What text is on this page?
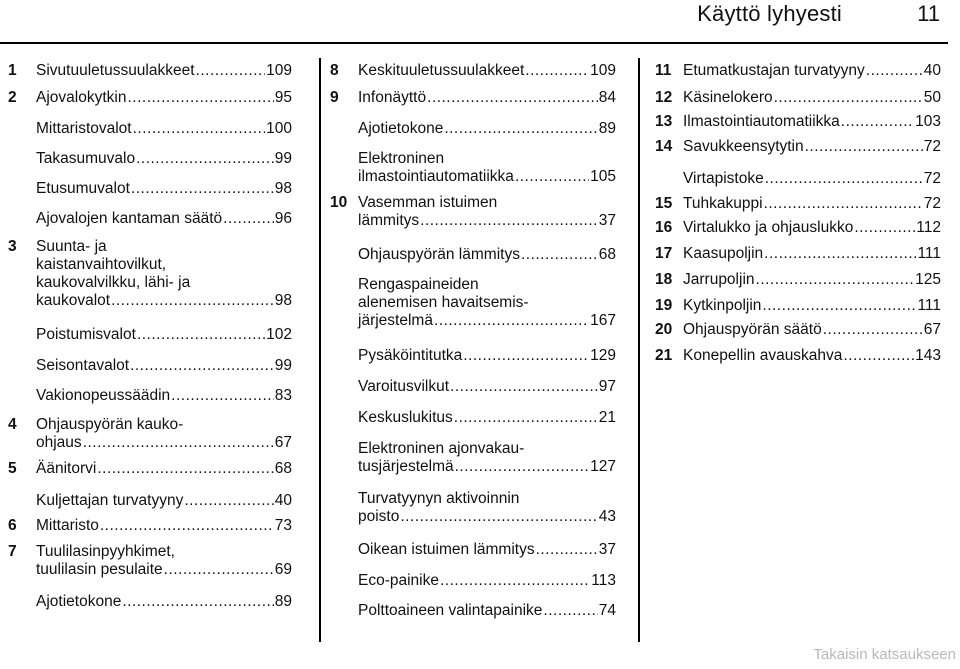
Käyttö lyhyesti	11
1	Sivutuuletussuulakkeet .....	109
2	Ajovalokytkin .....	95
Mittaristovalot .....	100
Takasumuvalo .....	99
Etusumuvalot .....	98
Ajovalojen kantaman säätö .....	96
3	Suunta- ja
kaistanvaihtovilkut,
kaukovalvilkku, lähi- ja
kaukovalot .....	98
Poistumisvalot .....	102
Seisontavalot .....	99
Vakionopeussäädin .....	83
4	Ohjauspyörän kauko-
ohjaus .....	67
5	Äänitorvi .....	68
Kuljettajan turvatyyny .....	40
6	Mittaristo .....	73
7	Tuulilasinpyyhkimet,
tuulilasin pesulaite .....	69
Ajotietokone .....	89
8	Keskituuletussuulakkeet .....	109
9	Infonäyttö .....	84
Ajotietokone .....	89
Elektroninen
ilmastointiautomatiikka .....	105
10 Vasemman istuimen
lämmitys .....	37
Ohjauspyörän lämmitys .....	68
Rengaspaineiden
alenemisen havaitsemis-
järjestelmä .....	167
Pysäköintitutka .....	129
Varoitusvilkut .....	97
Keskuslukitus .....	21
Elektroninen ajonvakau-
tusjärjestelmä .....	127
Turvatyynyn aktivoinnin
poisto .....	43
Oikean istuimen lämmitys .....	37
Eco-painike .....	113
Polttoaineen valintapainike .....	74
11 Etumatkustajan turvatyyny .....	40
12 Käsinelokero .....	50
13 Ilmastointiautomatiikka .....	103
14 Savukkeensytytin .....	72
Virtapistoke .....	72
15 Tuhkakuppi .....	72
16 Virtalukko ja ohjauslukko .....	112
17 Kaasupoljin .....	111
18 Jarrupoljin .....	125
19 Kytkinpoljin .....	111
20 Ohjauspyörän säätö .....	67
21 Konepellin avauskahva .....	143
Takaisin katsaukseen
